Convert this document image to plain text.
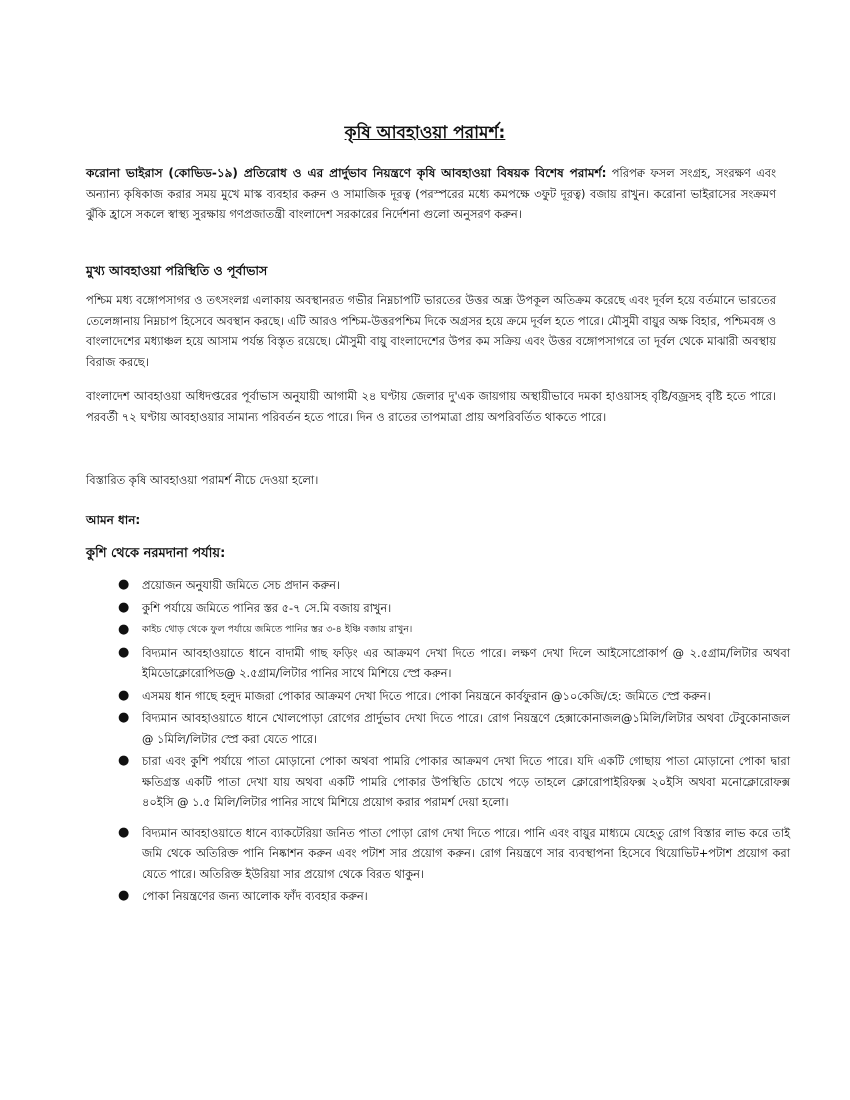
কৃষি আবহাওয়া পরামর্শ:
করোনা ভাইরাস (কোভিড-১৯) প্রতিরোধ ও এর প্রার্দুভাব নিয়ন্ত্রণে কৃষি আবহাওয়া বিষয়ক বিশেষ পরামর্শ: পরিপক্ব ফসল সংগ্রহ, সংরক্ষণ এবং অন্যান্য কৃষিকাজ করার সময় মুখে মাস্ক ব্যবহার করুন ও সামাজিক দূরত্ব (পরস্পরের মধ্যে কমপক্ষে ৩ফুট দূরত্ব) বজায় রাখুন। করোনা ভাইরাসের সংক্রমণ ঝুঁকি হ্রাসে সকলে স্বাস্থ্য সুরক্ষায় গণপ্রজাতন্ত্রী বাংলাদেশ সরকারের নির্দেশনা গুলো অনুসরণ করুন।
মুখ্য আবহাওয়া পরিস্থিতি ও পূর্বাভাস
পশ্চিম মধ্য বঙ্গোপসাগর ও তৎসংলগ্ন এলাকায় অবস্থানরত গভীর নিম্নচাপটি ভারতের উত্তর অন্ধ্র উপকূল অতিক্রম করেছে এবং দূর্বল হয়ে বর্তমানে ভারতের তেলেঙ্গানায় নিম্নচাপ হিসেবে অবস্থান করছে। এটি আরও পশ্চিম-উত্তরপশ্চিম দিকে অগ্রসর হয়ে ক্রমে দূর্বল হতে পারে। মৌসুমী বায়ুর অক্ষ বিহার, পশ্চিমবঙ্গ ও বাংলাদেশের মধ্যাঞ্চল হয়ে আসাম পর্যন্ত বিস্তৃত রয়েছে। মৌসুমী বায়ু বাংলাদেশের উপর কম সক্রিয় এবং উত্তর বঙ্গোপসাগরে তা দূর্বল থেকে মাঝারী অবস্থায় বিরাজ করছে।
বাংলাদেশ আবহাওয়া অধিদপ্তরের পূর্বাভাস অনুযায়ী আগামী ২৪ ঘণ্টায় জেলার দু'এক জায়গায় অস্থায়ীভাবে দমকা হাওয়াসহ বৃষ্টি/বজ্রসহ বৃষ্টি হতে পারে। পরবর্তী ৭২ ঘণ্টায় আবহাওয়ার সামান্য পরিবর্তন হতে পারে। দিন ও রাতের তাপমাত্রা প্রায় অপরিবর্তিত থাকতে পারে।
বিস্তারিত কৃষি আবহাওয়া পরামর্শ নীচে দেওয়া হলো।
আমন ধান:
কুশি থেকে নরমদানা পর্যায়:
● প্রয়োজন অনুযায়ী জমিতে সেচ প্রদান করুন।
● কুশি পর্যায়ে জমিতে পানির স্তর ৫-৭ সে.মি বজায় রাখুন।
● কাইচ থোড় থেকে ফুল পর্যায়ে জমিতে পানির স্তর ৩-৪ ইঞ্চি বজায় রাখুন।
● বিদ্যমান আবহাওয়াতে ধানে বাদামী গাছ ফড়িং এর আক্রমণ দেখা দিতে পারে। লক্ষণ দেখা দিলে আইসোপ্রোকার্প @ ২.৫গ্রাম/লিটার অথবা ইমিডোক্লোরোপিড@ ২.৫গ্রাম/লিটার পানির সাথে মিশিয়ে স্প্রে করুন।
● এসময় ধান গাছে হলুদ মাজরা পোকার আক্রমণ দেখা দিতে পারে। পোকা নিয়ন্ত্রনে কার্বফুরান @১০কেজি/হে: জমিতে স্প্রে করুন।
● বিদ্যমান আবহাওয়াতে ধানে খোলপোড়া রোগের প্রার্দুভাব দেখা দিতে পারে। রোগ নিয়ন্ত্রণে হেক্সাকোনাজল@১মিলি/লিটার অথবা টেবুকোনাজল @ ১মিলি/লিটার স্প্রে করা যেতে পারে।
● চারা এবং কুশি পর্যায়ে পাতা মোড়ানো পোকা অথবা পামরি পোকার আক্রমণ দেখা দিতে পারে। যদি একটি গোছায় পাতা মোড়ানো পোকা দ্বারা ক্ষতিগ্রস্ত একটি পাতা দেখা যায় অথবা একটি পামরি পোকার উপস্থিতি চোখে পড়ে তাহলে ক্লোরোপাইরিফক্স ২০ইসি অথবা মনোক্লোরোফক্স ৪০ইসি @ ১.৫ মিলি/লিটার পানির সাথে মিশিয়ে প্রয়োগ করার পরামর্শ দেয়া হলো।
● বিদ্যমান আবহাওয়াতে ধানে ব্যাকটেরিয়া জনিত পাতা পোড়া রোগ দেখা দিতে পারে। পানি এবং বায়ুর মাধ্যমে যেহেতু রোগ বিস্তার লাভ করে তাই জমি থেকে অতিরিক্ত পানি নিষ্কাশন করুন এবং পটাশ সার প্রয়োগ করুন। রোগ নিয়ন্ত্রণে সার ব্যবস্থাপনা হিসেবে থিয়োভিট+পটাশ প্রয়োগ করা যেতে পারে। অতিরিক্ত ইউরিয়া সার প্রয়োগ থেকে বিরত থাকুন।
● পোকা নিয়ন্ত্রণের জন্য আলোক ফাঁদ ব্যবহার করুন।
